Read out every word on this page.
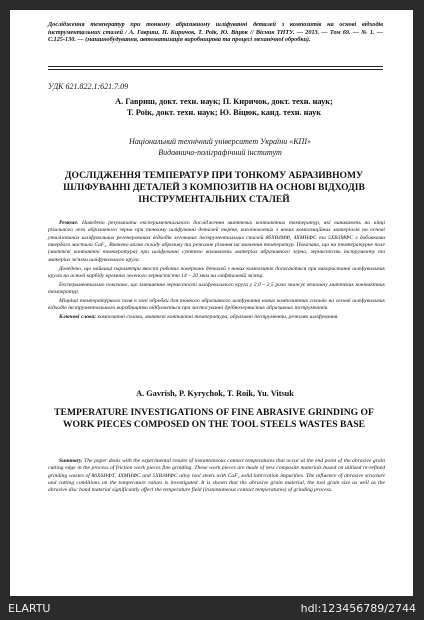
Дослідження температур при тонкому абразивному шліфуванні деталей з композитів на основі відходів інструментальних сталей / А. Гавриш, П. Киричок, Т. Роїк, Ю. Віцюк // Вісник ТНТУ. — 2013. — Том 69. — № 1. — С.125-130. — (машинобудування, автоматизація виробництва та процесі механічної обробки).
УДК 621.822.1:621.7.09
А. Гавриш, докт. техн. наук; П. Киричок, докт. техн. наук;
Т. Роїк, докт. техн. наук; Ю. Віцюк, канд. техн. наук
Національний технічний університет України «КПІ»
Видавничо-поліграфічний інститут
ДОСЛІДЖЕННЯ ТЕМПЕРАТУР ПРИ ТОНКОМУ АБРАЗИВНОМУ ШЛІФУВАННІ ДЕТАЛЕЙ З КОМПОЗИТІВ НА ОСНОВІ ВІДХОДІВ ІНСТРУМЕНТАЛЬНИХ СТАЛЕЙ

Резюме. Наведено результати експериментального дослідження миттєвих контактних температур, які виникають на кінці різального леза абразивного зерна при тонкому шліфуванні деталей тертя, виготовлених з нових композиційних матеріалів на основі утилізованих шліфувальних регенерованих відходів легованих інструментальних сталей 86ХВ4МФ, 4ХМНФС та 5ХВ3МФС з добавками твердого мастила CaF₂. Вивчено вплив складу абразиву та режимів різання на значення температур. Показано, що на температурне поле (миттєві контактні температури) при шліфуванні суттєво впливають матеріал абразивного зерна, зернистість інструменту та матеріал зв'язки шліфувального круга.

Доведено, що найвищі параметри якості робочих поверхонь деталей з нових композитів досягаються при використанні шліфувальних кругів на основі карбіду кремнію зеленого зернистістю 14 – 20 мкм на гліфталевій зв'язці.

Експериментально показано, що зменшення зернистості шліфувального круга у 2,0 – 2,5 раза знижує величину миттєвих контактних температур.

Міцніші температурного поля в зоні обробки для тонкого абразивного шліфування нових композитних сплавів на основі шліфувальних відходів інструментального виробництва відбувається при застосуванні дрібнозернистих абразивних інструментів.

Ключові слова: композитні сплави, миттєві контактні температури, абразивні інструменти, режими шліфування.

A. Gavrish, P. Kyrychok, T. Roik, Yu. Vitsuk
TEMPERATURE INVESTIGATIONS OF FINE ABRASIVE GRINDING OF WORK PIECES COMPOSED ON THE TOOL STEELS WASTES BASE

Summary. The paper deals with the experimental results of instantaneous contact temperatures that occur at the end point of the abrasive grain cutting edge in the process of friction work pieces fine grinding. These work pieces are made of new composite materials based on utilized re-refined grinding wastes of 86Х6НФТ, 4ХМНФС and 5ХВ3МФС alloy tool steels with CaF₂ solid lubrication impurities. The influence of abrasive structure and cutting conditions on the temperature values is investigated. It is shown that the abrasive grain material, the tool grain size as well as the abrasive disc bond material significantly affect the temperature field (instantaneous contact temperatures) of grinding process.

ELARTU	hdl:123456789/2744
